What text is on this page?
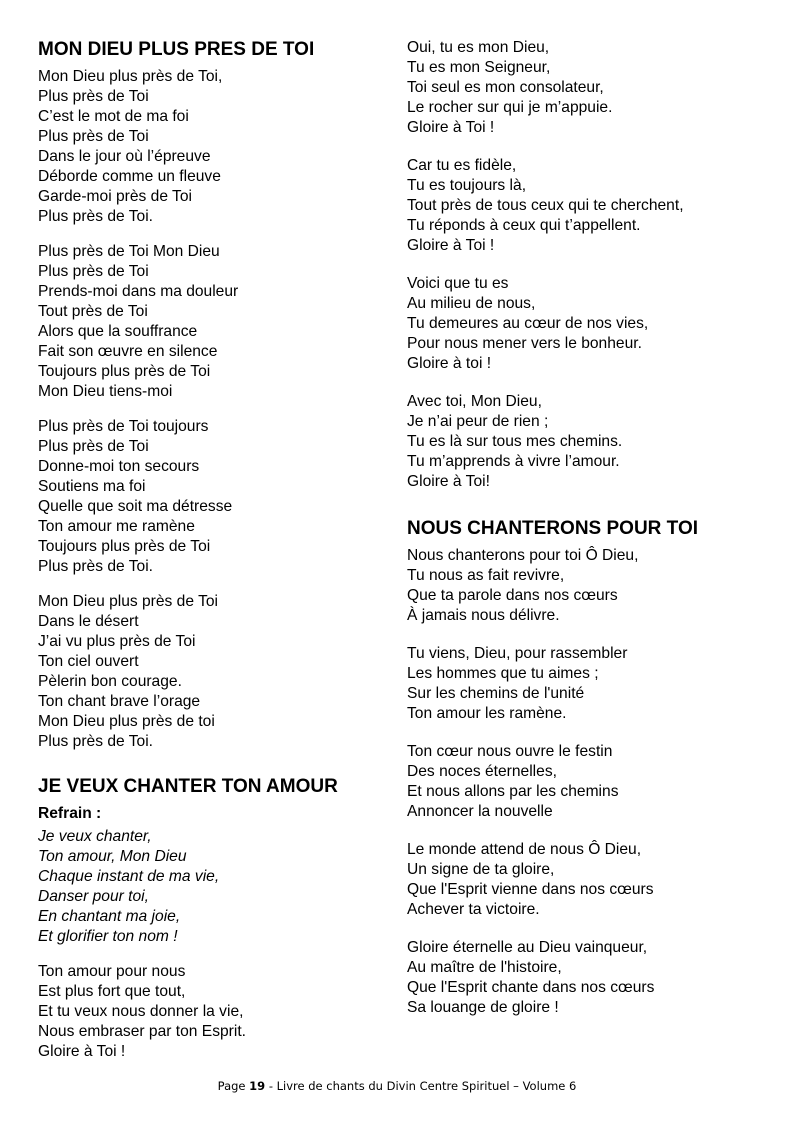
MON DIEU PLUS PRES DE TOI
Mon Dieu plus près de Toi,
Plus près de Toi
C’est le mot de ma foi
Plus près de Toi
Dans le jour où l’épreuve
Déborde comme un fleuve
Garde-moi près de Toi
Plus près de Toi.
Plus près de Toi Mon Dieu
Plus près de Toi
Prends-moi dans ma douleur
Tout près de Toi
Alors que la souffrance
Fait son œuvre en silence
Toujours plus près de Toi
Mon Dieu tiens-moi
Plus près de Toi toujours
Plus près de Toi
Donne-moi ton secours
Soutiens ma foi
Quelle que soit ma détresse
Ton amour me ramène
Toujours plus près de Toi
Plus près de Toi.
Mon Dieu plus près de Toi
Dans le désert
J’ai vu plus près de Toi
Ton ciel ouvert
Pèlerin bon courage.
Ton chant brave l’orage
Mon Dieu plus près de toi
Plus près de Toi.
JE VEUX CHANTER TON AMOUR
Refrain :
Je veux chanter,
Ton amour, Mon Dieu
Chaque instant de ma vie,
Danser pour toi,
En chantant ma joie,
Et glorifier ton nom !
Ton amour pour nous
Est plus fort que tout,
Et tu veux nous donner la vie,
Nous embraser par ton Esprit.
Gloire à Toi !
Oui, tu es mon Dieu,
Tu es mon Seigneur,
Toi seul es mon consolateur,
Le rocher sur qui je m’appuie.
Gloire à Toi !
Car tu es fidèle,
Tu es toujours là,
Tout près de tous ceux qui te cherchent,
Tu réponds à ceux qui t’appellent.
Gloire à Toi !
Voici que tu es
Au milieu de nous,
Tu demeures au cœur de nos vies,
Pour nous mener vers le bonheur.
Gloire à toi !
Avec toi, Mon Dieu,
Je n’ai peur de rien ;
Tu es là sur tous mes chemins.
Tu m’apprends à vivre l’amour.
Gloire à Toi!
NOUS CHANTERONS POUR TOI
Nous chanterons pour toi Ô Dieu,
Tu nous as fait revivre,
Que ta parole dans nos cœurs
À jamais nous délivre.
Tu viens, Dieu, pour rassembler
Les hommes que tu aimes ;
Sur les chemins de l'unité
Ton amour les ramène.
Ton cœur nous ouvre le festin
Des noces éternelles,
Et nous allons par les chemins
Annoncer la nouvelle
Le monde attend de nous Ô Dieu,
Un signe de ta gloire,
Que l'Esprit vienne dans nos cœurs
Achever ta victoire.
Gloire éternelle au Dieu vainqueur,
Au maître de l'histoire,
Que l'Esprit chante dans nos cœurs
Sa louange de gloire !
Page 19 - Livre de chants du Divin Centre Spirituel – Volume 6
